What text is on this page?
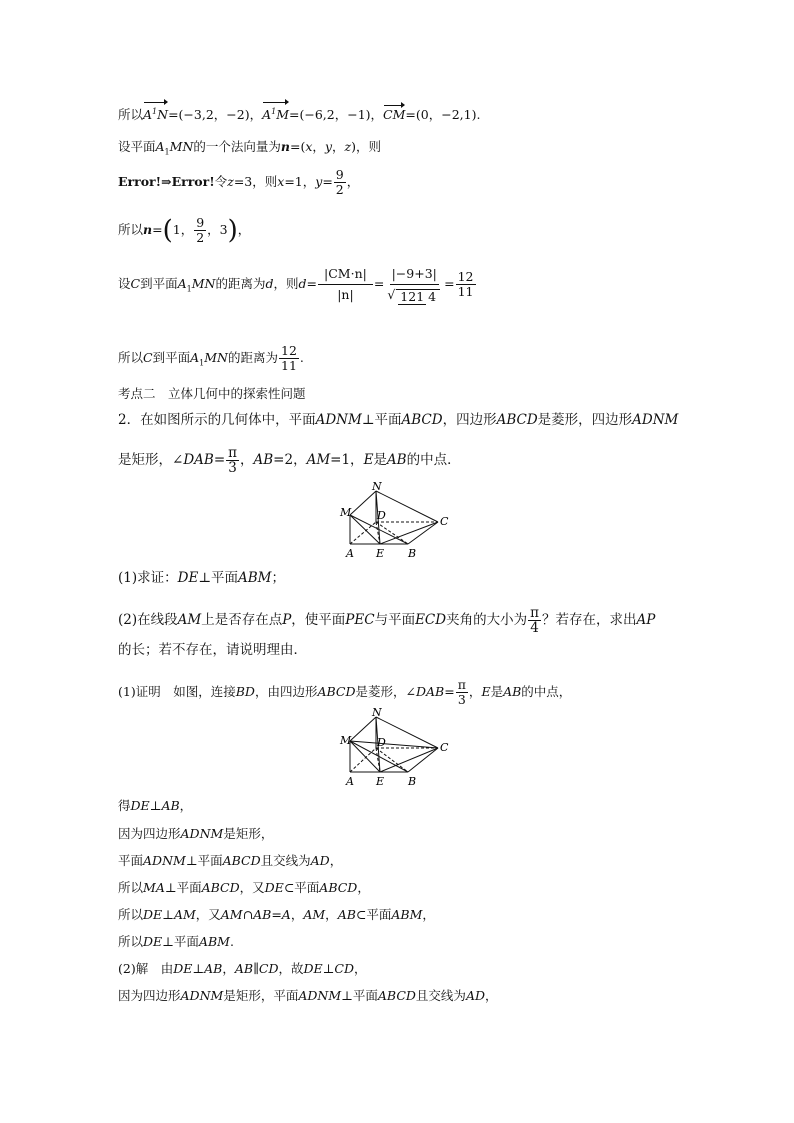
所以$A^1N=(-3,2$，−2)，$A^1M=(-6,2$，−1)，CM=(0，−2,1).
设平面$A_1MN$的一个法向量为n=(x，y，z)，则
Error!⇒Error!令z=3，则x=1，$y= \frac{9}{2}$ ，
所以n=(1， $\frac{9}{2}$ ，3)，
设C到平面$A_1MN$的距离为d，则$d= \frac{|CM\cdot n|}{|n|} = \frac{|-9+3|}{√ 121 4} = \frac{12}{11}$
所以C到平面$A_1MN$的距离为 $\frac{12}{11}$ .
考点二　立体几何中的探索性问题
2．在如图所示的几何体中，平面ADNM⊥平面ABCD，四边形ABCD是菱形，四边形ADNM
是矩形，∠DAB= $\frac{\pi}{3}$ ，AB=2，AM=1，E是AB的中点．
N
M D	C
A E B
(1)求证：DE⊥平面ABM；
(2)在线段AM上是否存在点P，使平面PEC与平面ECD夹角的大小为 $\frac{\pi}{4}$ ？若存在，求出AP
的长；若不存在，请说明理由．
(1)证明　如图，连接BD，由四边形ABCD是菱形，∠DAB= $\frac{\pi}{3}$ ，E是AB的中点，
N
M D	C
A E B
得DE⊥AB，
因为四边形ADNM是矩形，
平面ADNM⊥平面ABCD且交线为AD，
所以MA⊥平面ABCD，又DE⊂平面ABCD，
所以DE⊥AM，又AM∩AB=A，AM，AB⊂平面ABM，
所以DE⊥平面ABM.
(2)解　由DE⊥AB，AB∥CD，故DE⊥CD，
因为四边形ADNM是矩形，平面ADNM⊥平面ABCD且交线为AD，
